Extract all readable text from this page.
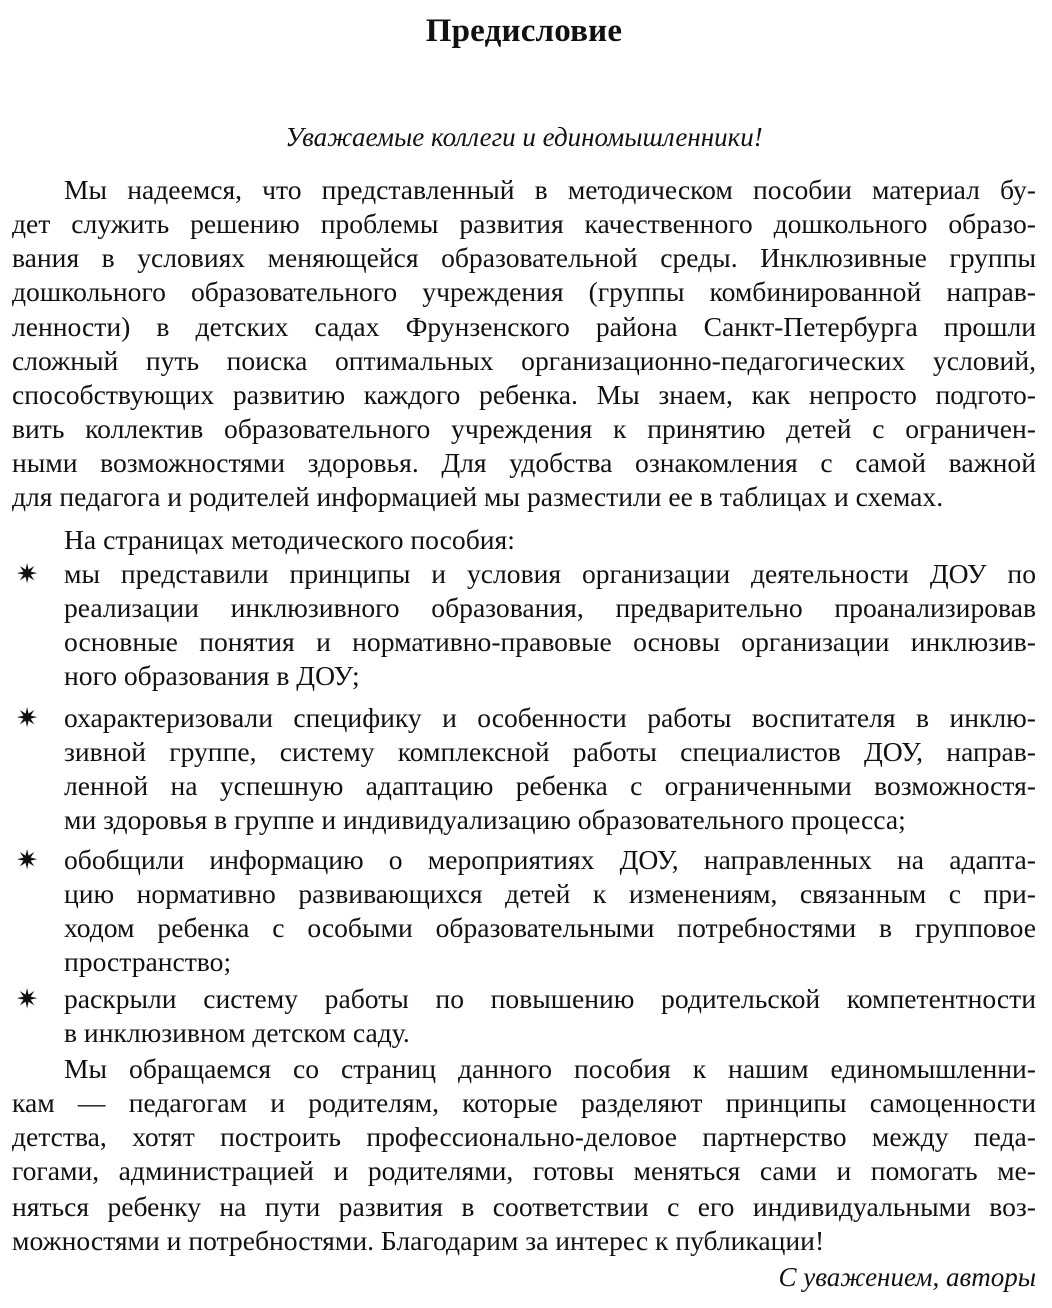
Предисловие
Уважаемые коллеги и единомышленники!
Мы надеемся, что представленный в методическом пособии материал бу-
дет служить решению проблемы развития качественного дошкольного образо-
вания в условиях меняющейся образовательной среды. Инклюзивные группы
дошкольного образовательного учреждения (группы комбинированной направ-
ленности) в детских садах Фрунзенского района Санкт-Петербурга прошли
сложный путь поиска оптимальных организационно-педагогических условий,
способствующих развитию каждого ребенка. Мы знаем, как непросто подгото-
вить коллектив образовательного учреждения к принятию детей с ограничен-
ными возможностями здоровья. Для удобства ознакомления с самой важной
для педагога и родителей информацией мы разместили ее в таблицах и схемах.
На страницах методического пособия:
✷ мы представили принципы и условия организации деятельности ДОУ по
реализации инклюзивного образования, предварительно проанализировав
основные понятия и нормативно-правовые основы организации инклюзив-
ного образования в ДОУ;
✷ охарактеризовали специфику и особенности работы воспитателя в инклю-
зивной группе, систему комплексной работы специалистов ДОУ, направ-
ленной на успешную адаптацию ребенка с ограниченными возможностя-
ми здоровья в группе и индивидуализацию образовательного процесса;
✷ обобщили информацию о мероприятиях ДОУ, направленных на адапта-
цию нормативно развивающихся детей к изменениям, связанным с при-
ходом ребенка с особыми образовательными потребностями в групповое
пространство;
✷ раскрыли систему работы по повышению родительской компетентности
в инклюзивном детском саду.
Мы обращаемся со страниц данного пособия к нашим единомышленни-
кам — педагогам и родителям, которые разделяют принципы самоценности
детства, хотят построить профессионально-деловое партнерство между педа-
гогами, администрацией и родителями, готовы меняться сами и помогать ме-
няться ребенку на пути развития в соответствии с его индивидуальными воз-
можностями и потребностями. Благодарим за интерес к публикации!
С уважением, авторы
